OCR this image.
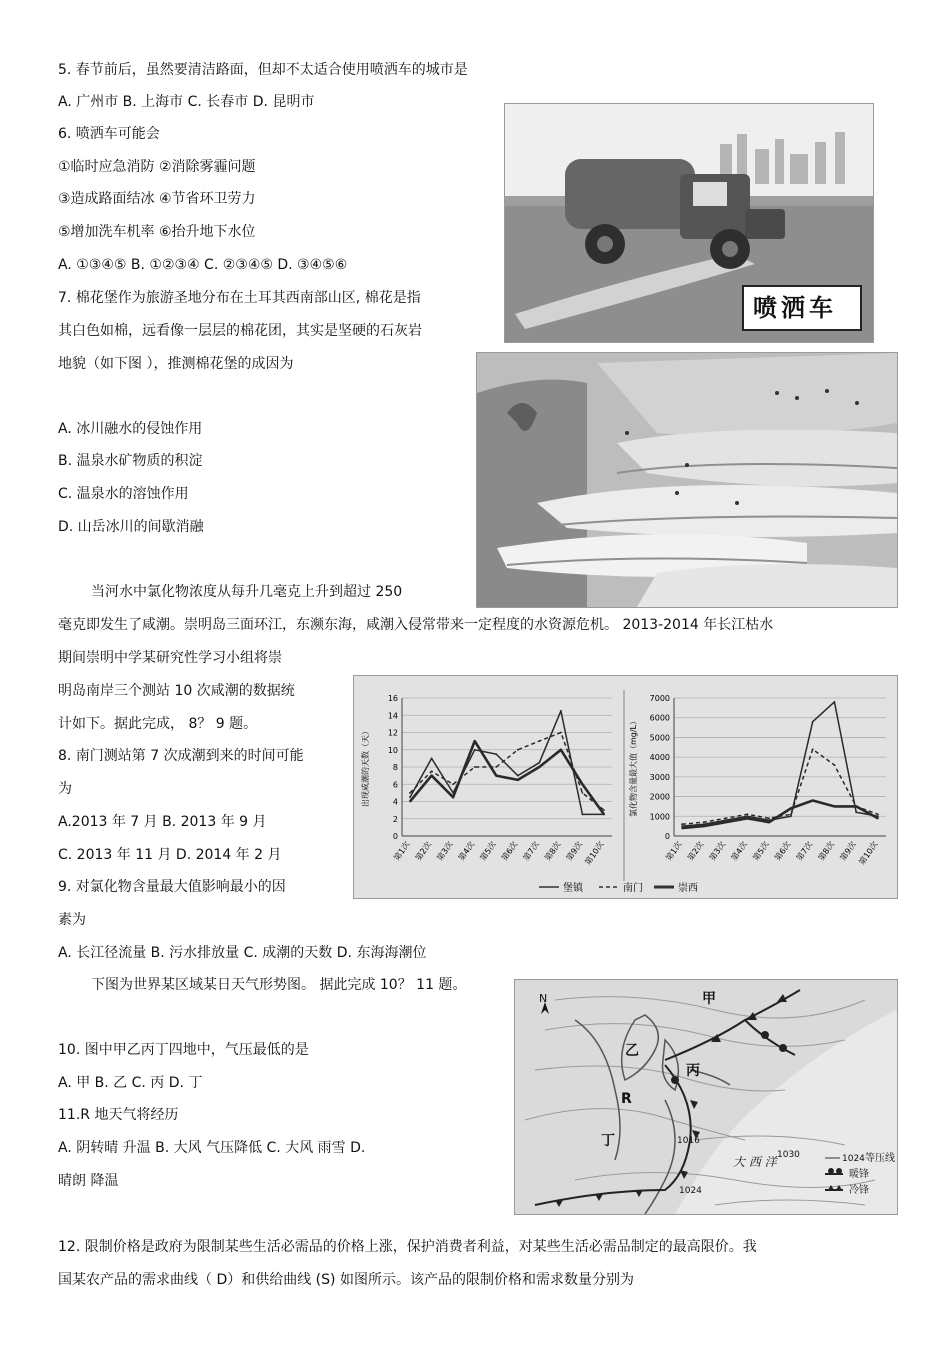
5. 春节前后，虽然要清洁路面，但却不太适合使用喷洒车的城市是
A. 广州市 B. 上海市 C. 长春市 D. 昆明市
6. 喷洒车可能会
①临时应急消防 ②消除雾霾问题
③造成路面结冰 ④节省环卫劳力
⑤增加洗车机率 ⑥抬升地下水位
A. ①③④⑤ B. ①②③④ C. ②③④⑤ D. ③④⑤⑥
喷洒车
7. 棉花堡作为旅游圣地分布在土耳其西南部山区, 棉花是指
其白色如棉，远看像一层层的棉花团，其实是坚硬的石灰岩
地貌（如下图 ），推测棉花堡的成因为
A. 冰川融水的侵蚀作用
B. 温泉水矿物质的积淀
C. 温泉水的溶蚀作用
D. 山岳冰川的间歇消融
当河水中氯化物浓度从每升几毫克上升到超过 250
毫克即发生了咸潮。崇明岛三面环江，东濒东海，咸潮入侵常带来一定程度的水资源危机。 2013-2014 年长江枯水
期间崇明中学某研究性学习小组将崇
明岛南岸三个测站 10 次咸潮的数据统
计如下。据此完成， 8？ 9 题。
8. 南门测站第 7 次成潮到来的时间可能
为
A.2013 年 7 月 B. 2013 年 9 月
C. 2013 年 11 月 D. 2014 年 2 月
9. 对氯化物含量最大值影响最小的因
素为
A. 长江径流量 B. 污水排放量 C. 成潮的天数 D. 东海海潮位
堡镇	南门	崇西
0
2
4
6
8
10
12
14
16
第1次 第2次 第3次 第4次 第5次 第6次 第7次 第8次 第9次 第10次
出现咸潮的天数（天）
0
1000
2000
3000
4000
5000
6000
7000
第1次 第2次 第3次 第4次 第5次 第6次 第7次 第8次 第9次 第10次
氯化物含量最大值（mg/L）
下图为世界某区域某日天气形势图。 据此完成 10？ 11 题。
N	甲
乙
丙
R
丁
大 西 洋
1016
1024
1030	1024 等压线
暖锋
冷锋
10. 图中甲乙丙丁四地中，气压最低的是
A. 甲 B. 乙 C. 丙 D. 丁
11.R 地天气将经历
A. 阴转晴 升温 B. 大风 气压降低 C. 大风 雨雪 D.
晴朗 降温
12. 限制价格是政府为限制某些生活必需品的价格上涨，保护消费者利益，对某些生活必需品制定的最高限价。我
国某农产品的需求曲线（ D）和供给曲线 (S) 如图所示。该产品的限制价格和需求数量分别为
